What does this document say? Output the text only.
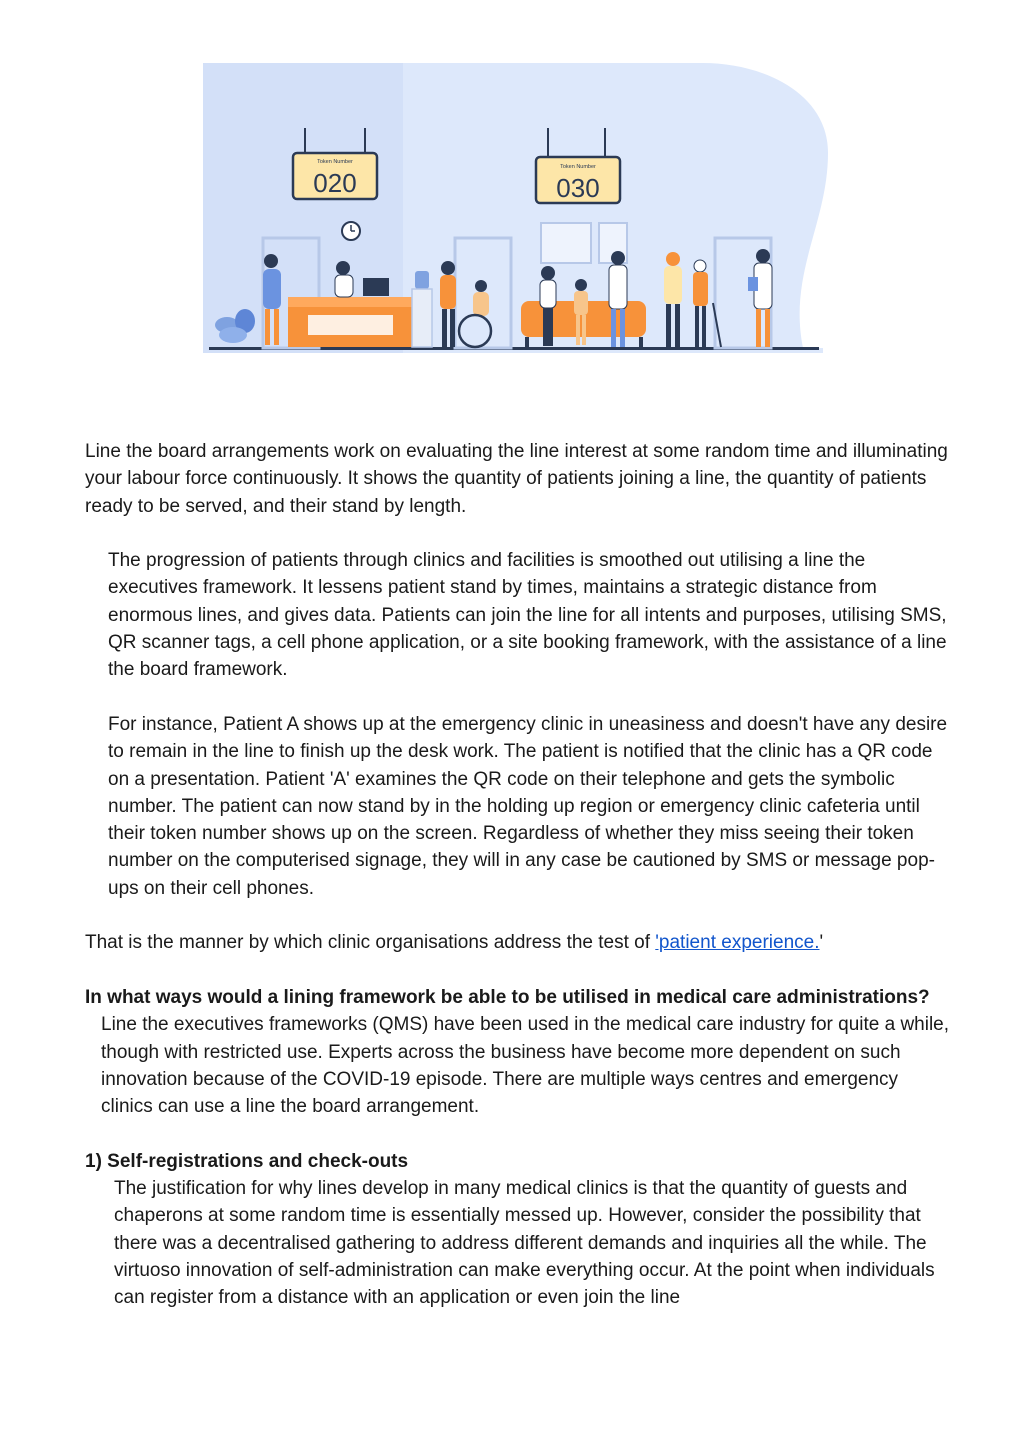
Token Number
020
Token Number
030

Line the board arrangements work on evaluating the line interest at some random time and illuminating your labour force continuously. It shows the quantity of patients joining a line, the quantity of patients ready to be served, and their stand by length.

The progression of patients through clinics and facilities is smoothed out utilising a line the executives framework. It lessens patient stand by times, maintains a strategic distance from enormous lines, and gives data. Patients can join the line for all intents and purposes, utilising SMS, QR scanner tags, a cell phone application, or a site booking framework, with the assistance of a line the board framework.

For instance, Patient A shows up at the emergency clinic in uneasiness and doesn't have any desire to remain in the line to finish up the desk work. The patient is notified that the clinic has a QR code on a presentation. Patient 'A' examines the QR code on their telephone and gets the symbolic number. The patient can now stand by in the holding up region or emergency clinic cafeteria until their token number shows up on the screen. Regardless of whether they miss seeing their token number on the computerised signage, they will in any case be cautioned by SMS or message pop-ups on their cell phones.

That is the manner by which clinic organisations address the test of 'patient experience.'

In what ways would a lining framework be able to be utilised in medical care administrations?

Line the executives frameworks (QMS) have been used in the medical care industry for quite a while, though with restricted use. Experts across the business have become more dependent on such innovation because of the COVID-19 episode. There are multiple ways centres and emergency clinics can use a line the board arrangement.

1) Self-registrations and check-outs

The justification for why lines develop in many medical clinics is that the quantity of guests and chaperons at some random time is essentially messed up. However, consider the possibility that there was a decentralised gathering to address different demands and inquiries all the while. The virtuoso innovation of self-administration can make everything occur. At the point when individuals can register from a distance with an application or even join the line
